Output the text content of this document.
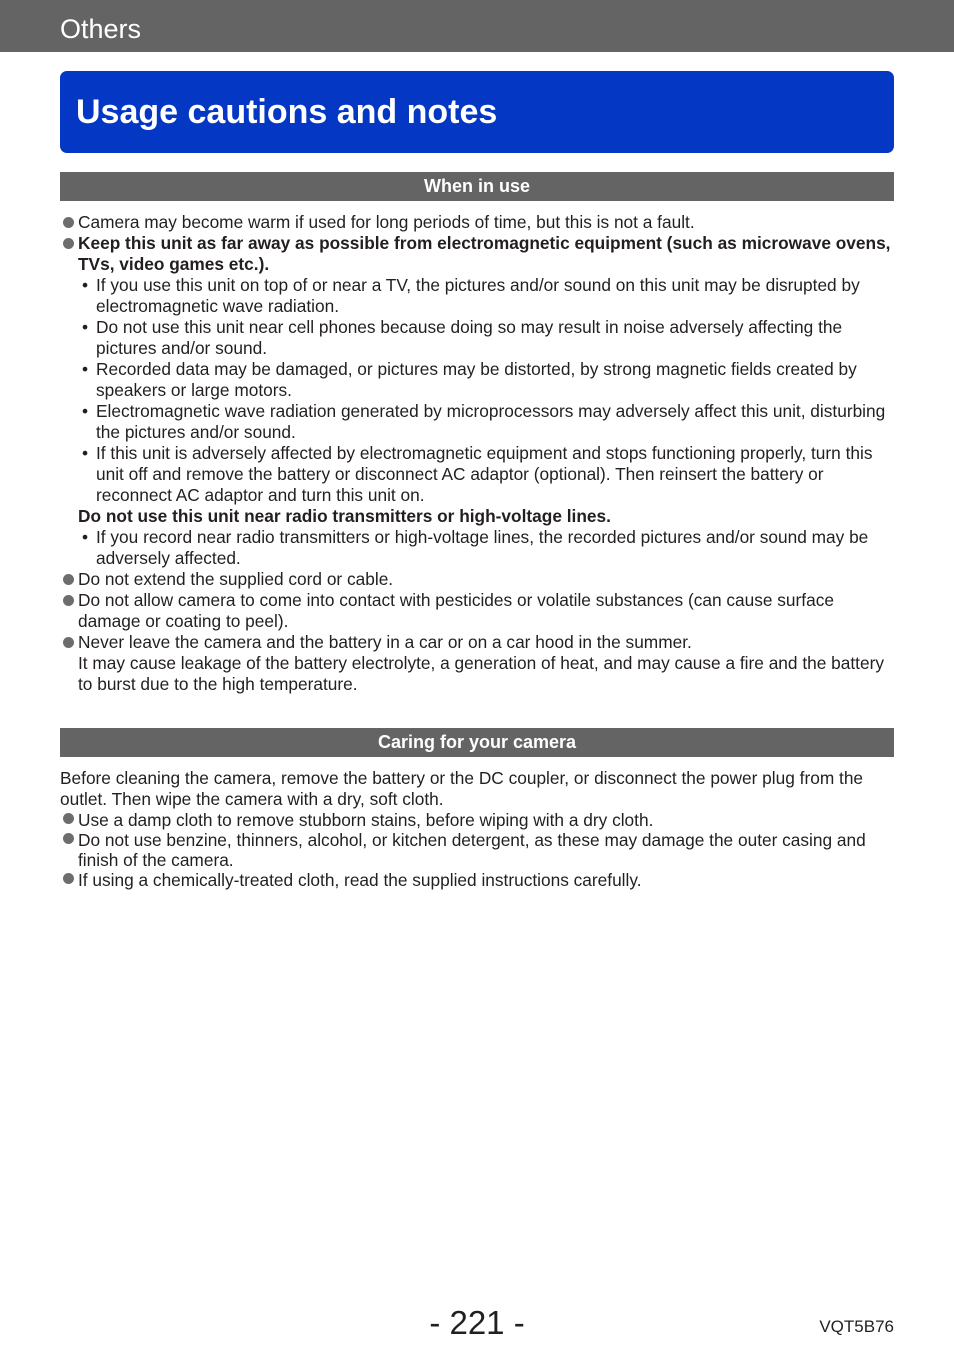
Others
Usage cautions and notes
When in use

Camera may become warm if used for long periods of time, but this is not a fault.

Keep this unit as far away as possible from electromagnetic equipment (such as microwave ovens, TVs, video games etc.).

• If you use this unit on top of or near a TV, the pictures and/or sound on this unit may be disrupted by electromagnetic wave radiation.

• Do not use this unit near cell phones because doing so may result in noise adversely affecting the pictures and/or sound.

• Recorded data may be damaged, or pictures may be distorted, by strong magnetic fields created by speakers or large motors.

• Electromagnetic wave radiation generated by microprocessors may adversely affect this unit, disturbing the pictures and/or sound.

• If this unit is adversely affected by electromagnetic equipment and stops functioning properly, turn this unit off and remove the battery or disconnect AC adaptor (optional). Then reinsert the battery or reconnect AC adaptor and turn this unit on.

Do not use this unit near radio transmitters or high-voltage lines.

• If you record near radio transmitters or high-voltage lines, the recorded pictures and/or sound may be adversely affected.

Do not extend the supplied cord or cable.

Do not allow camera to come into contact with pesticides or volatile substances (can cause surface damage or coating to peel).

Never leave the camera and the battery in a car or on a car hood in the summer.

It may cause leakage of the battery electrolyte, a generation of heat, and may cause a fire and the battery to burst due to the high temperature.

Caring for your camera

Before cleaning the camera, remove the battery or the DC coupler, or disconnect the power plug from the outlet. Then wipe the camera with a dry, soft cloth.

Use a damp cloth to remove stubborn stains, before wiping with a dry cloth.

Do not use benzine, thinners, alcohol, or kitchen detergent, as these may damage the outer casing and finish of the camera.

If using a chemically-treated cloth, read the supplied instructions carefully.

- 221 -	VQT5B76
